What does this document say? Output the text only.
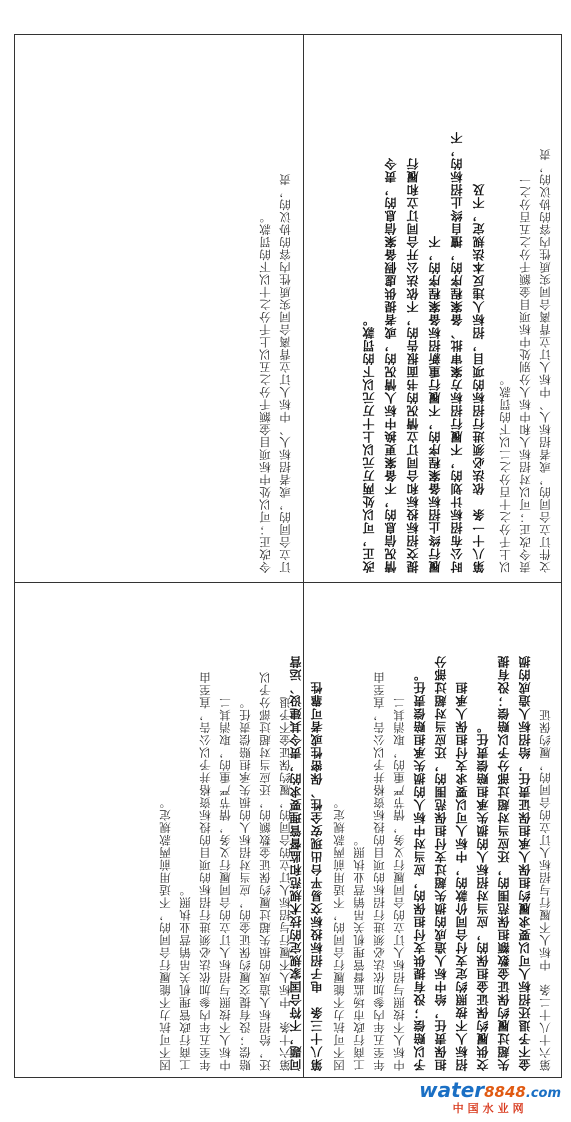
订立合同的，或者招标人、中标人订立背离合同实质性内容的协议的，责
令改正；可以处中标项目金额千分之五以上千分之十以下的罚款。
第六十条　中标人不履行与招标人订立的合同的，履约保证金不予退
还，给招标人造成的损失超过履约保证金数额的，还应当对超过部分予以
赔偿；没有提交履约保证金的，应当对招标人的损失承担赔偿责任。
中标人不按照与招标人订立的合同履行义务，情节严重的，取消其二
年至五年内参加依法必须进行招标的项目的投标资格并予以公告，直至由
工商行政管理机关吊销营业执照。
因不可抗力不能履行合同的，不适用前两款规定。
文件订立合同的，或者招标人、中标人订立背离合同实质性内容的协议的，责
责令改正；可以对招标人和中标人分别处中标项目金额千分之五百分之一
以上千分之十百分之二以下的罚款。
第八十一条　依法必须进行招标的项目，招标人违反本法规定，不及
时公布招标计划的，不履行招标方案审批、备案程序的，擅自终止招标的，不
履行终止招标备案程序的，不履行重新招标备案程序的，不
提交招标投标和合同订立情况的书面报告的，不依法公开合同订立和履行
情况信息的，不备案更换中标人情况的，或者提供虚假备案信息的，责令
改正，可以处两万元以上十万元以下的罚款。
第六十八十二条　中标人不履行与招标人订立的合同的，履约保证
金不予退还招标人可以要求履约担保人承担保证责任，给招标人造成的损
失超过履约保证金数额担保范围的，还应当对超过部分予以赔偿；没有提
交供履约保证金担保的，应当对招标人的损失承担赔偿责任。
招标人不按照约定支付合同价款的，中标人可以要求支付担保人承担
担保责任，给中标人造成的损失超过支付担保范围的，还应当对超过部分
予以赔偿；没有提供支付担保的，应当对中标人的损失承担赔偿责任。
中标人不按照与招标人订立的合同履行义务，情节严重的，取消其二
年至五年内参加依法必须进行招标的项目的投标资格并予以公告，直至由
工商行政市场监督管理机关吊销营业执照。
因不可抗力不能履行合同的，不适用前两款规定。
第八十三条　电子招标投标交易平台出现安全性、保密性或者可靠性
问题，不符合国家规定的技术规范和监督管理要求的，责令其建设、运营
water8848.com
中国水业网
